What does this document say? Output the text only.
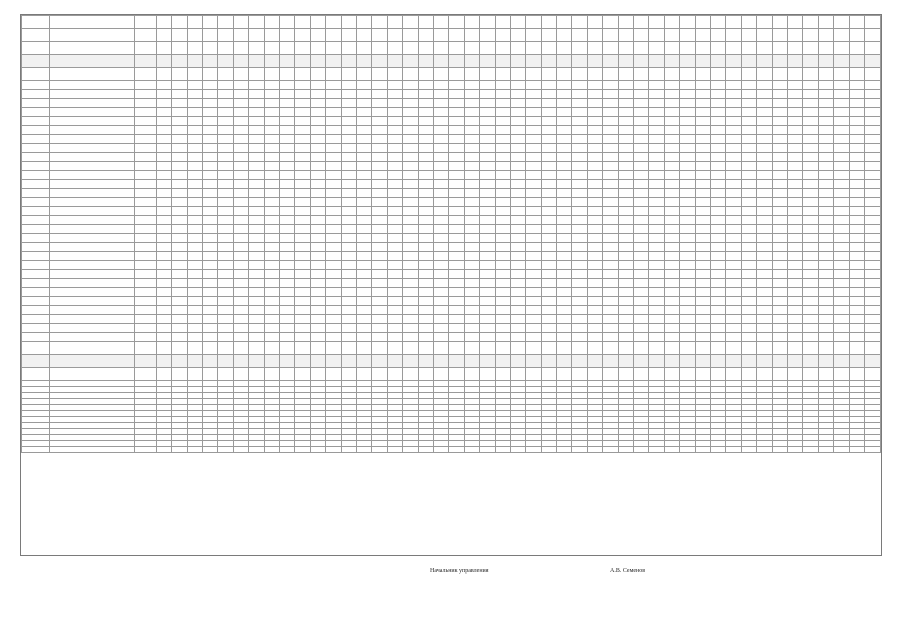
Начальник управления	А.В. Семенов
